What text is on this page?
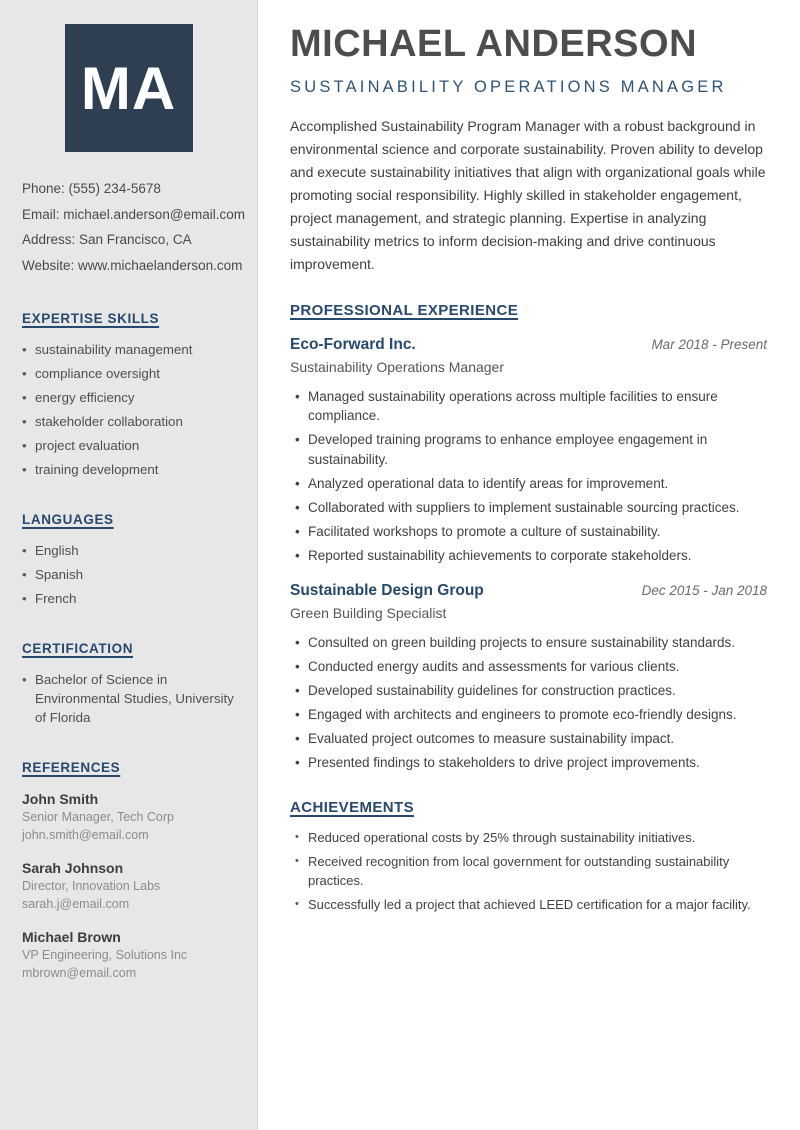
MA
Phone: (555) 234-5678
Email: michael.anderson@email.com
Address: San Francisco, CA
Website: www.michaelanderson.com
EXPERTISE SKILLS
• sustainability management
• compliance oversight
• energy efficiency
• stakeholder collaboration
• project evaluation
• training development
LANGUAGES
• English
• Spanish
• French
CERTIFICATION
• Bachelor of Science in Environmental Studies, University of Florida
REFERENCES
John Smith
Senior Manager, Tech Corp
john.smith@email.com
Sarah Johnson
Director, Innovation Labs
sarah.j@email.com
Michael Brown
VP Engineering, Solutions Inc
mbrown@email.com
MICHAEL ANDERSON
SUSTAINABILITY OPERATIONS MANAGER

Accomplished Sustainability Program Manager with a robust background in environmental science and corporate sustainability. Proven ability to develop and execute sustainability initiatives that align with organizational goals while promoting social responsibility. Highly skilled in stakeholder engagement, project management, and strategic planning. Expertise in analyzing sustainability metrics to inform decision-making and drive continuous improvement.

PROFESSIONAL EXPERIENCE
Eco-Forward Inc.	Mar 2018 - Present
Sustainability Operations Manager
• Managed sustainability operations across multiple facilities to ensure compliance.
• Developed training programs to enhance employee engagement in sustainability.
• Analyzed operational data to identify areas for improvement.
• Collaborated with suppliers to implement sustainable sourcing practices.
• Facilitated workshops to promote a culture of sustainability.
• Reported sustainability achievements to corporate stakeholders.
Sustainable Design Group	Dec 2015 - Jan 2018
Green Building Specialist
• Consulted on green building projects to ensure sustainability standards.
• Conducted energy audits and assessments for various clients.
• Developed sustainability guidelines for construction practices.
• Engaged with architects and engineers to promote eco-friendly designs.
• Evaluated project outcomes to measure sustainability impact.
• Presented findings to stakeholders to drive project improvements.
ACHIEVEMENTS
• Reduced operational costs by 25% through sustainability initiatives.
• Received recognition from local government for outstanding sustainability practices.
• Successfully led a project that achieved LEED certification for a major facility.
